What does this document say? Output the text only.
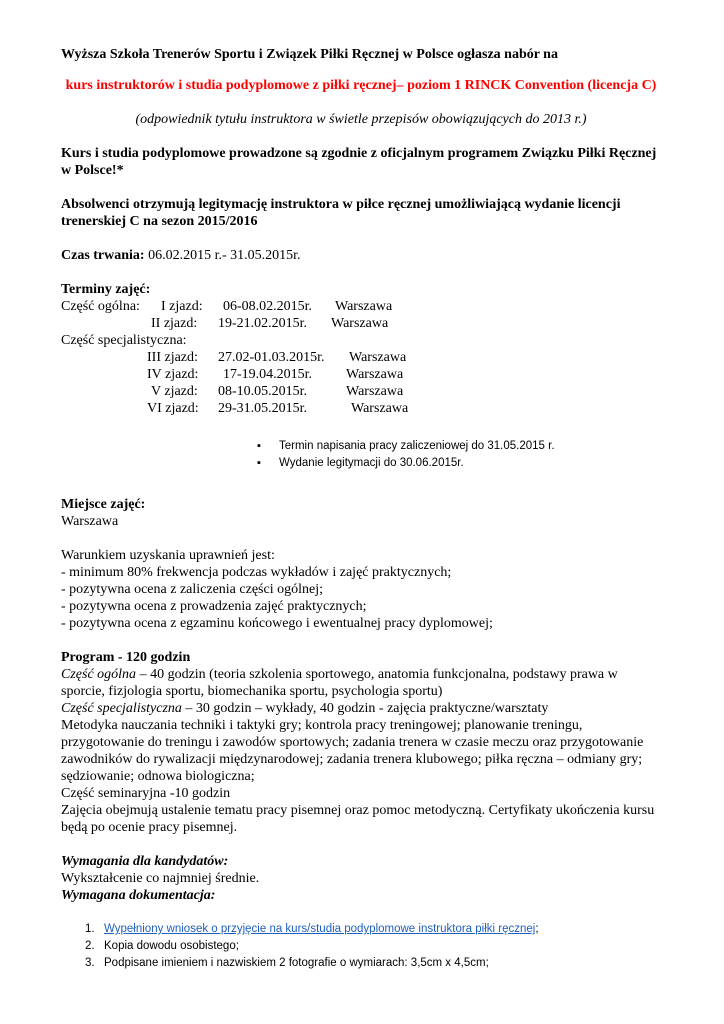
Wyższa Szkoła Trenerów Sportu i Związek Piłki Ręcznej w Polsce ogłasza nabór na

kurs instruktorów i studia podyplomowe z piłki ręcznej– poziom 1 RINCK Convention (licencja C)

(odpowiednik tytułu instruktora w świetle przepisów obowiązujących do 2013 r.)

Kurs i studia podyplomowe prowadzone są zgodnie z oficjalnym programem Związku Piłki Ręcznej w Polsce!*

Absolwenci otrzymują legitymację instruktora w piłce ręcznej umożliwiającą wydanie licencji trenerskiej C na sezon 2015/2016

Czas trwania: 06.02.2015 r.- 31.05.2015r.

Terminy zajęć:

Część ogólna:
Część specjalistyczna:
I zjazd: 06-08.02.2015r. Warszawa
II zjazd: 19-21.02.2015r. Warszawa
III zjazd: 27.02-01.03.2015r. Warszawa
IV zjazd: 17-19.04.2015r. Warszawa
V zjazd: 08-10.05.2015r.	Warszawa
VI zjazd: 29-31.05.2015r.	Warszawa
▪ Termin napisania pracy zaliczeniowej do 31.05.2015 r.
▪ Wydanie legitymacji do 30.06.2015r.

Miejsce zajęć:

Warszawa

Warunkiem uzyskania uprawnień jest:

- minimum 80% frekwencja podczas wykładów i zajęć praktycznych;

- pozytywna ocena z zaliczenia części ogólnej;

- pozytywna ocena z prowadzenia zajęć praktycznych;

- pozytywna ocena z egzaminu końcowego i ewentualnej pracy dyplomowej;

Program - 120 godzin

Część ogólna – 40 godzin (teoria szkolenia sportowego, anatomia funkcjonalna, podstawy prawa w sporcie, fizjologia sportu, biomechanika sportu, psychologia sportu)

Część specjalistyczna – 30 godzin – wykłady, 40 godzin - zajęcia praktyczne/warsztaty

Metodyka nauczania techniki i taktyki gry; kontrola pracy treningowej; planowanie treningu, przygotowanie do treningu i zawodów sportowych; zadania trenera w czasie meczu oraz przygotowanie zawodników do rywalizacji międzynarodowej; zadania trenera klubowego; piłka ręczna – odmiany gry; sędziowanie; odnowa biologiczna;

Część seminaryjna -10 godzin

Zajęcia obejmują ustalenie tematu pracy pisemnej oraz pomoc metodyczną. Certyfikaty ukończenia kursu będą po ocenie pracy pisemnej.

Wymagania dla kandydatów:

Wykształcenie co najmniej średnie.

Wymagana dokumentacja:

1. Wypełniony wniosek o przyjęcie na kurs/studia podyplomowe instruktora piłki ręcznej;
2. Kopia dowodu osobistego;
3. Podpisane imieniem i nazwiskiem 2 fotografie o wymiarach: 3,5cm x 4,5cm;
